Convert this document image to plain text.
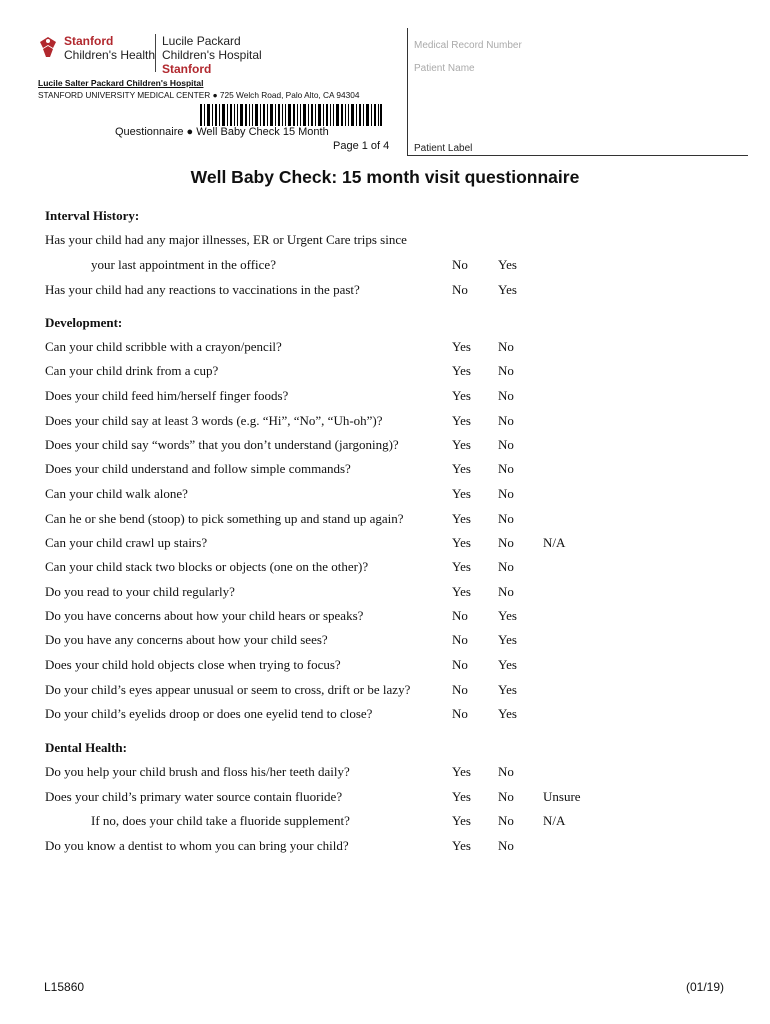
Stanford
Children's Health
Lucile Packard
Children's Hospital
Stanford
Lucile Salter Packard Children's Hospital
STANFORD UNIVERSITY MEDICAL CENTER ● 725 Welch Road, Palo Alto, CA 94304
Questionnaire ● Well Baby Check 15 Month
Page 1 of 4
Medical Record Number
Patient Name
Patient Label
Well Baby Check: 15 month visit questionnaire
Interval History:
Has your child had any major illnesses, ER or Urgent Care trips since
your last appointment in the office?	No Yes
Has your child had any reactions to vaccinations in the past?	No Yes
Development:
Can your child scribble with a crayon/pencil?	Yes No
Can your child drink from a cup?	Yes No
Does your child feed him/herself finger foods?	Yes No
Does your child say at least 3 words (e.g. “Hi”, “No”, “Uh-oh”)?	Yes No
Does your child say “words” that you don’t understand (jargoning)?	Yes No
Does your child understand and follow simple commands?	Yes No
Can your child walk alone?	Yes No
Can he or she bend (stoop) to pick something up and stand up again?	Yes No
Can your child crawl up stairs?	Yes No N/A
Can your child stack two blocks or objects (one on the other)?	Yes No
Do you read to your child regularly?	Yes No
Do you have concerns about how your child hears or speaks?	No Yes
Do you have any concerns about how your child sees?	No Yes
Does your child hold objects close when trying to focus?	No Yes
Do your child’s eyes appear unusual or seem to cross, drift or be lazy?	No Yes
Do your child’s eyelids droop or does one eyelid tend to close?	No Yes
Dental Health:
Do you help your child brush and floss his/her teeth daily?	Yes No
Does your child’s primary water source contain fluoride?	Yes No Unsure
If no, does your child take a fluoride supplement?	Yes No N/A
Do you know a dentist to whom you can bring your child?	Yes No
L15860	(01/19)
